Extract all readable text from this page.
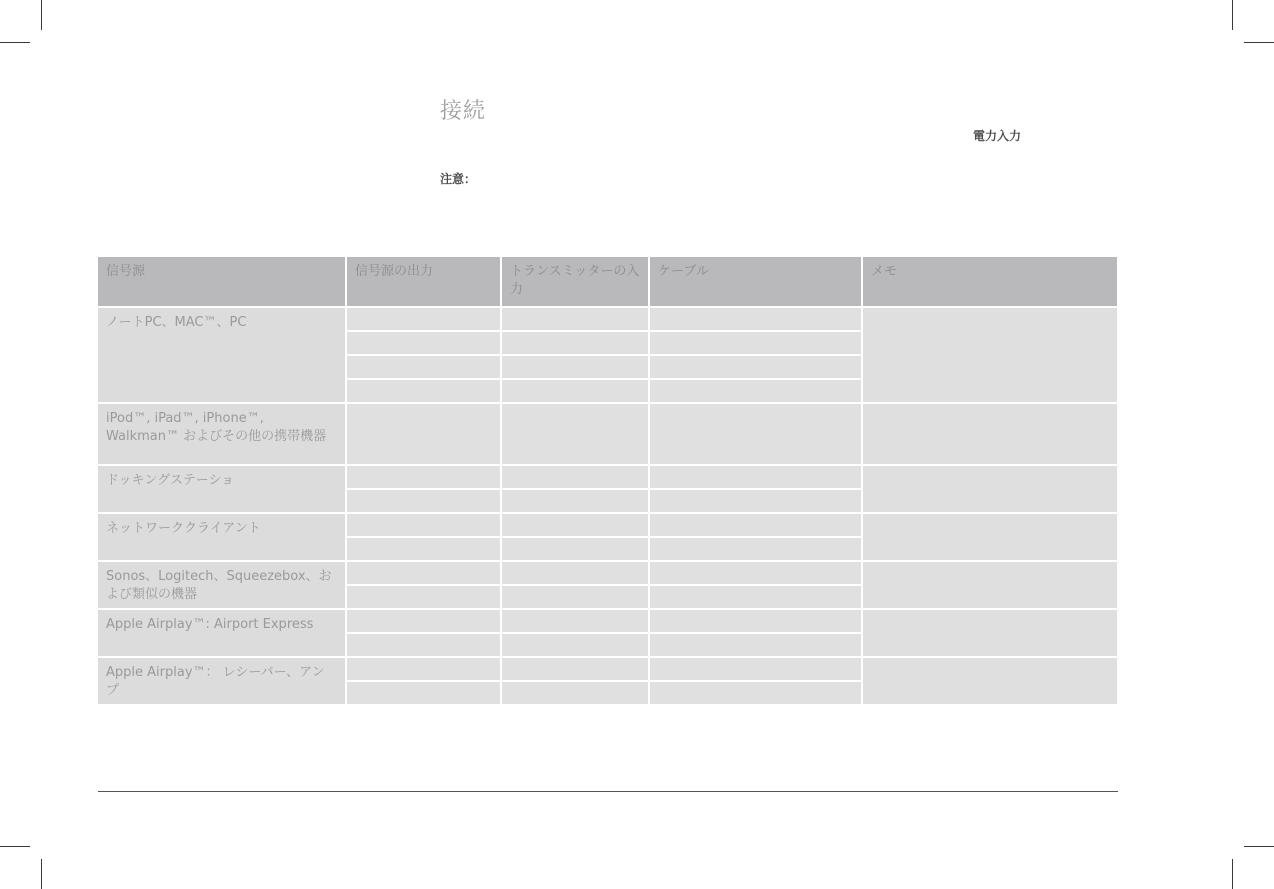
接続
電力入力
注意：
信号源	信号源の出力	トランスミッターの入力	ケーブル	メモ
ノートPC、MAC™、PC				

iPod™, iPad™, iPhone™, Walkman™ およびその他の携帯機器				
ドッキングステーショ				

ネットワーククライアント				

Sonos、Logitech、Squeezebox、および類似の機器				

Apple Airplay™: Airport Express				

Apple Airplay™： レシーバー、アンプ				
